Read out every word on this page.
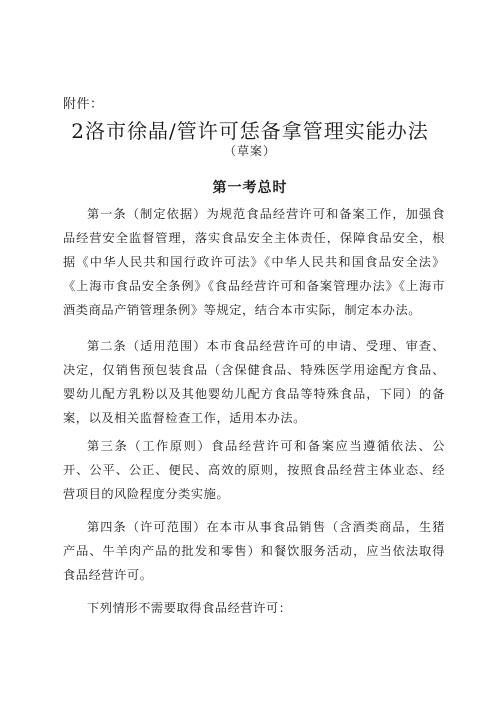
附件：
2洛市徐晶/管许可恁备拿管理实能办法
（草案）
第一考总时

第一条（制定依据）为规范食品经营许可和备案工作，加强食品经营安全监督管理，落实食品安全主体责任，保障食品安全，根据《中华人民共和国行政许可法》《中华人民共和国食品安全法》《上海市食品安全条例》《食品经营许可和备案管理办法》《上海市酒类商品产销管理条例》等规定，结合本市实际，制定本办法。

第二条（适用范围）本市食品经营许可的申请、受理、审查、决定，仅销售预包装食品（含保健食品、特殊医学用途配方食品、婴幼儿配方乳粉以及其他婴幼儿配方食品等特殊食品，下同）的备案，以及相关监督检查工作，适用本办法。

第三条（工作原则）食品经营许可和备案应当遵循依法、公开、公平、公正、便民、高效的原则，按照食品经营主体业态、经营项目的风险程度分类实施。

第四条（许可范围）在本市从事食品销售（含酒类商品，生猪产品、牛羊肉产品的批发和零售）和餐饮服务活动，应当依法取得食品经营许可。

下列情形不需要取得食品经营许可：
